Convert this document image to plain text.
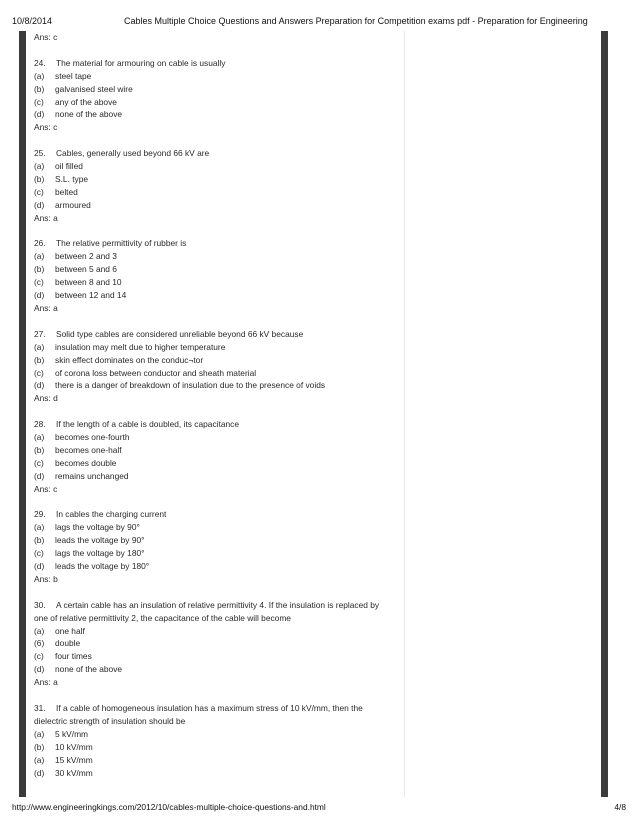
10/8/2014	Cables Multiple Choice Questions and Answers Preparation for Competition exams pdf - Preparation for Engineering
Ans: c
24. The material for armouring on cable is usually
(a) steel tape
(b) galvanised steel wire
(c) any of the above
(d) none of the above
Ans: c
25. Cables, generally used beyond 66 kV are
(a) oil filled
(b) S.L. type
(c) belted
(d) armoured
Ans: a
26. The relative permittivity of rubber is
(a) between 2 and 3
(b) between 5 and 6
(c) between 8 and 10
(d) between 12 and 14
Ans: a
27. Solid type cables are considered unreliable beyond 66 kV because
(a) insulation may melt due to higher temperature
(b) skin effect dominates on the conduc¬tor
(c) of corona loss between conductor and sheath material
(d) there is a danger of breakdown of insulation due to the presence of voids
Ans: d
28. If the length of a cable is doubled, its capacitance
(a) becomes one-fourth
(b) becomes one-half
(c) becomes double
(d) remains unchanged
Ans: c
29. In cables the charging current
(a) lags the voltage by 90°
(b) leads the voltage by 90°
(c) lags the voltage by 180°
(d) leads the voltage by 180°
Ans: b
30. A certain cable has an insulation of relative permittivity 4. If the insulation is replaced by
one of relative permittivity 2, the capacitance of the cable will become
(a) one half
(6) double
(c) four times
(d) none of the above
Ans: a
31. If a cable of homogeneous insulation has a maximum stress of 10 kV/mm, then the
dielectric strength of insulation should be
(a) 5 kV/mm
(b) 10 kV/mm
(a) 15 kV/mm
(d) 30 kV/mm
http://www.engineeringkings.com/2012/10/cables-multiple-choice-questions-and.html	4/8
